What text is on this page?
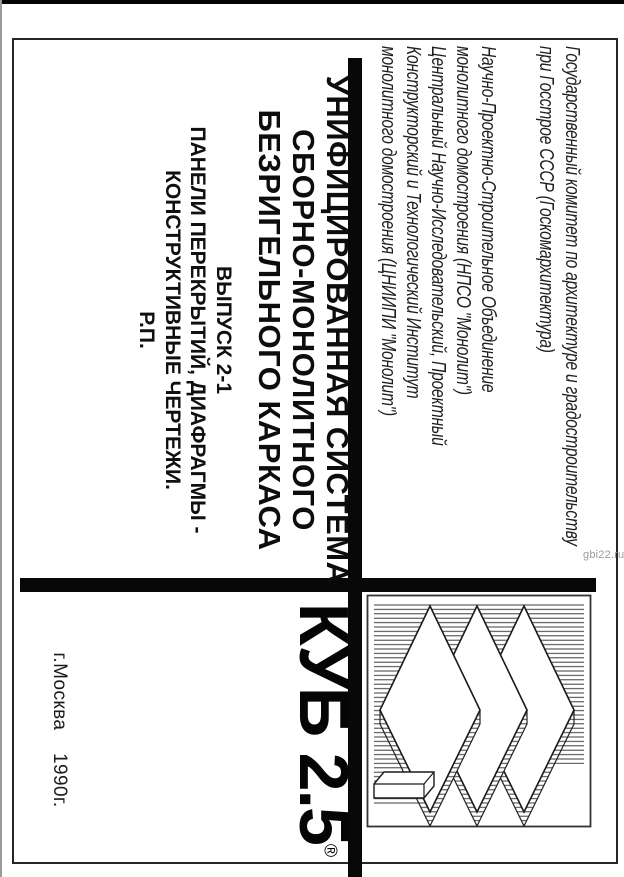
Государственный комитет по архитектуре и градостроительству
при Госстрое СССР (Госкомархитектура)
Научно-Проектно-Строительное Объединение
монолитного домостроения (НПСО "Монолит")
Центральный Научно-Исследовательский, Проектный
Конструкторский и Технологический Институт
монолитного домостроения (ЦНИИПИ "Монолит")
УНИФИЦИРОВАННАЯ СИСТЕМА
СБОРНО-МОНОЛИТНОГО
БЕЗРИГЕЛЬНОГО КАРКАСА
ВЫПУСК 2-1
ПАНЕЛИ ПЕРЕКРЫТИЙ, ДИАФРАГМЫ -
КОНСТРУКТИВНЫЕ ЧЕРТЕЖИ.
Р.П.
КУБ 2.5®
г.Москва    1990г.
gbi22.ru
